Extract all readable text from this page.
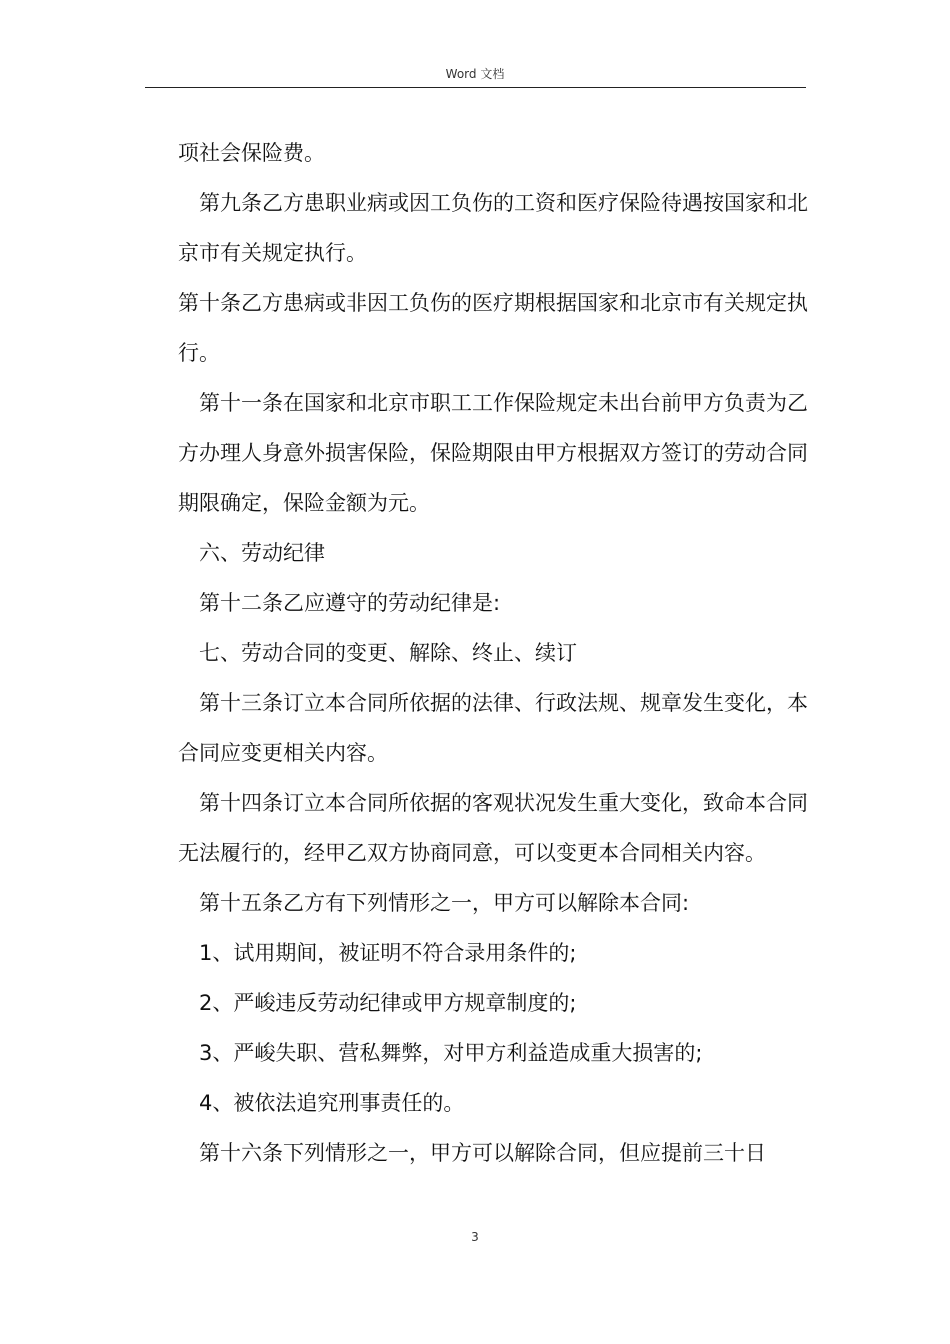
Word 文档

项社会保险费。

第九条乙方患职业病或因工负伤的工资和医疗保险待遇按国家和北京市有关规定执行。

第十条乙方患病或非因工负伤的医疗期根据国家和北京市有关规定执行。

第十一条在国家和北京市职工工作保险规定未出台前甲方负责为乙方办理人身意外损害保险，保险期限由甲方根据双方签订的劳动合同期限确定，保险金额为元。

六、劳动纪律

第十二条乙应遵守的劳动纪律是:

七、劳动合同的变更、解除、终止、续订

第十三条订立本合同所依据的法律、行政法规、规章发生变化，本合同应变更相关内容。

第十四条订立本合同所依据的客观状况发生重大变化，致命本合同无法履行的，经甲乙双方协商同意，可以变更本合同相关内容。

第十五条乙方有下列情形之一，甲方可以解除本合同:

1、试用期间，被证明不符合录用条件的;

2、严峻违反劳动纪律或甲方规章制度的;

3、严峻失职、营私舞弊，对甲方利益造成重大损害的;

4、被依法追究刑事责任的。

第十六条下列情形之一，甲方可以解除合同，但应提前三十日

3
